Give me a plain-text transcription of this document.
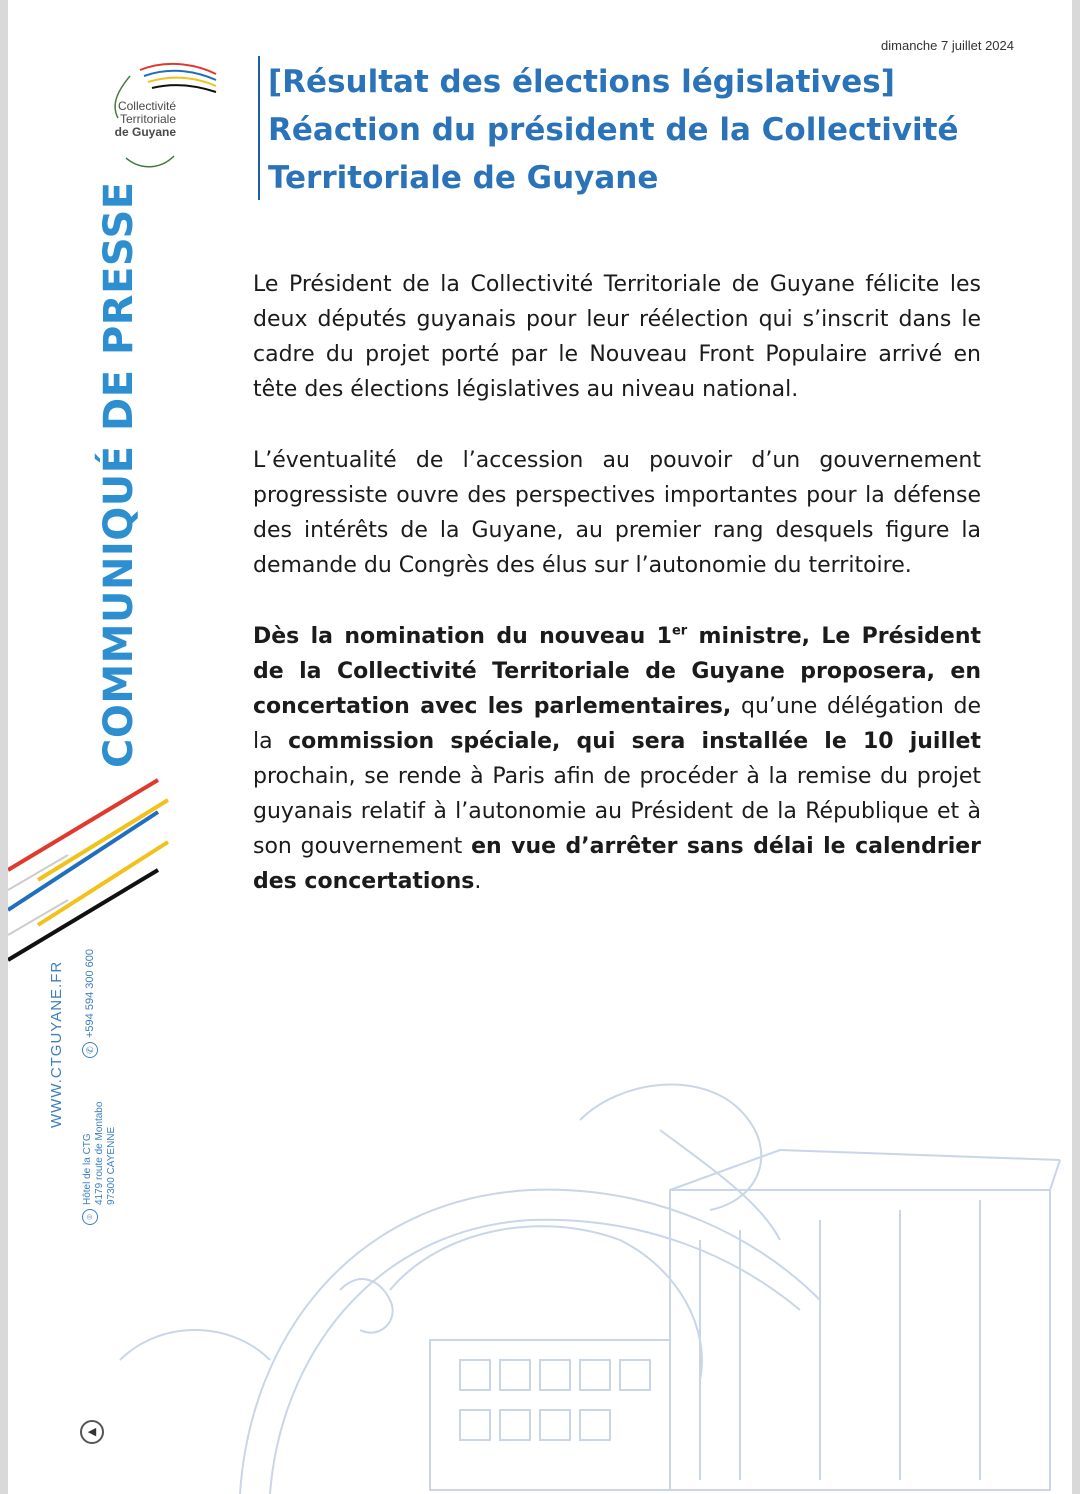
Collectivité
Territoriale
de Guyane
COMMUNIQUÉ DE PRESSE
WWW.CTGUYANE.FR	✆
+594 594 300 600
⌾
Hôtel de la CTG
4179 route de Montabo
97300 CAYENNE
◀
dimanche 7 juillet 2024
[Résultat des élections législatives] Réaction du président de la Collectivité Territoriale de Guyane

Le Président de la Collectivité Territoriale de Guyane félicite les deux députés guyanais pour leur réélection qui s’inscrit dans le cadre du projet porté par le Nouveau Front Populaire arrivé en tête des élections législatives au niveau national.

L’éventualité de l’accession au pouvoir d’un gouvernement progressiste ouvre des perspectives importantes pour la défense des intérêts de la Guyane, au premier rang desquels figure la demande du Congrès des élus sur l’autonomie du territoire.

Dès la nomination du nouveau 1er ministre, Le Président de la Collectivité Territoriale de Guyane proposera, en concertation avec les parlementaires, qu’une délégation de la commission spéciale, qui sera installée le 10 juillet prochain, se rende à Paris afin de procéder à la remise du projet guyanais relatif à l’autonomie au Président de la République et à son gouvernement en vue d’arrêter sans délai le calendrier des concertations.
